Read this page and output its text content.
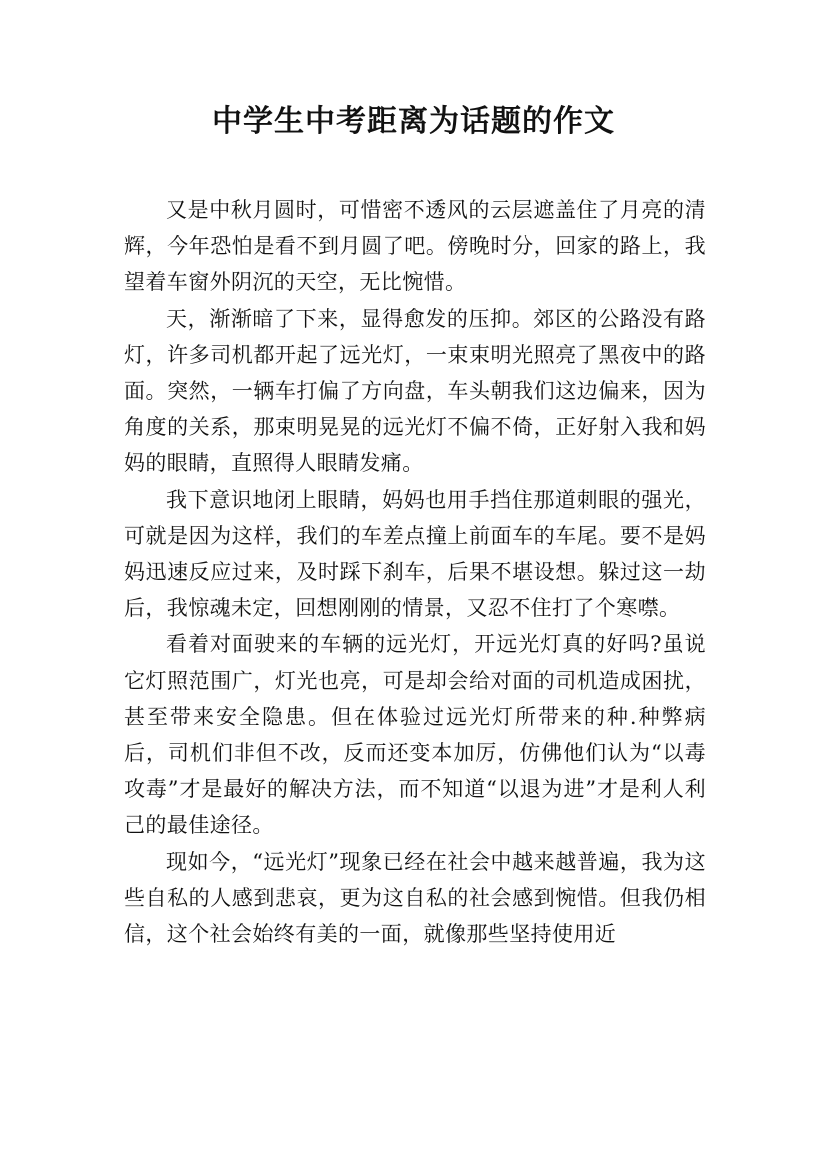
中学生中考距离为话题的作文

又是中秋月圆时，可惜密不透风的云层遮盖住了月亮的清辉，今年恐怕是看不到月圆了吧。傍晚时分，回家的路上，我望着车窗外阴沉的天空，无比惋惜。

天，渐渐暗了下来，显得愈发的压抑。郊区的公路没有路灯，许多司机都开起了远光灯，一束束明光照亮了黑夜中的路面。突然，一辆车打偏了方向盘，车头朝我们这边偏来，因为角度的关系，那束明晃晃的远光灯不偏不倚，正好射入我和妈妈的眼睛，直照得人眼睛发痛。

我下意识地闭上眼睛，妈妈也用手挡住那道刺眼的强光，可就是因为这样，我们的车差点撞上前面车的车尾。要不是妈妈迅速反应过来，及时踩下刹车，后果不堪设想。躲过这一劫后，我惊魂未定，回想刚刚的情景，又忍不住打了个寒噤。

看着对面驶来的车辆的远光灯，开远光灯真的好吗?虽说它灯照范围广，灯光也亮，可是却会给对面的司机造成困扰，甚至带来安全隐患。但在体验过远光灯所带来的种.种弊病后，司机们非但不改，反而还变本加厉，仿佛他们认为“以毒攻毒”才是最好的解决方法，而不知道“以退为进”才是利人利己的最佳途径。

现如今，“远光灯”现象已经在社会中越来越普遍，我为这些自私的人感到悲哀，更为这自私的社会感到惋惜。但我仍相信，这个社会始终有美的一面，就像那些坚持使用近
